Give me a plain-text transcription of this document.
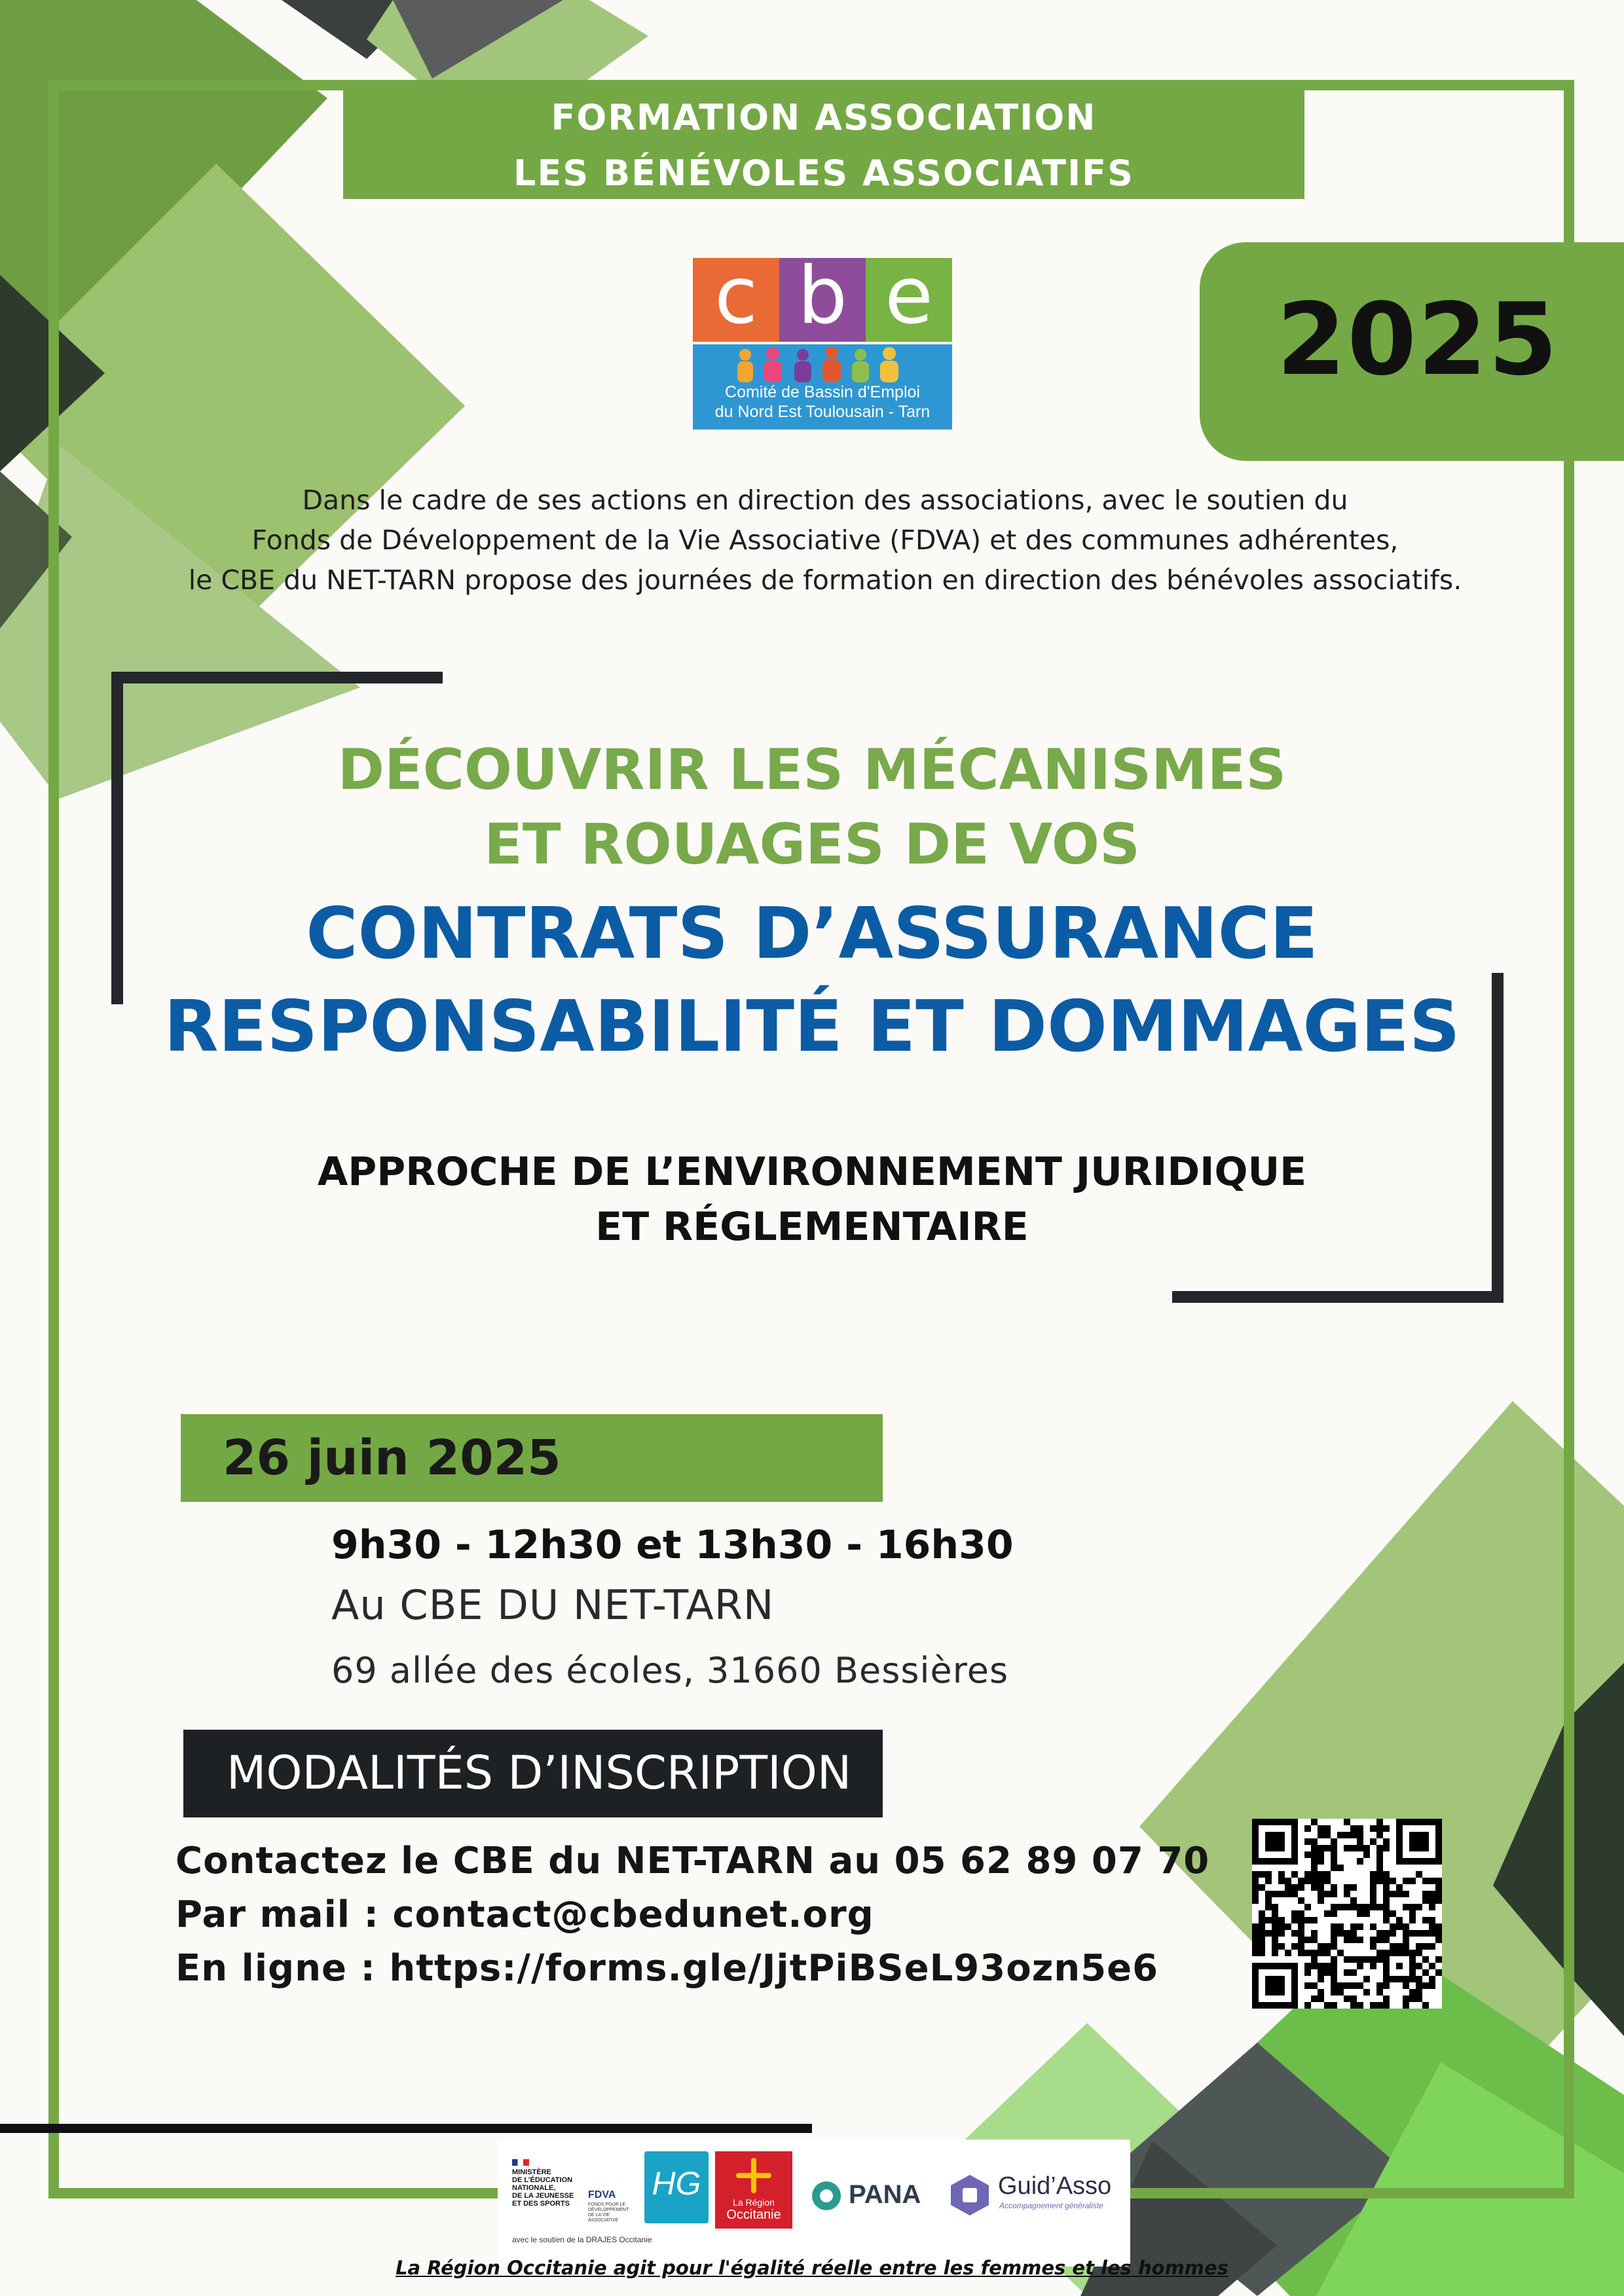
FORMATION ASSOCIATION
LES BÉNÉVOLES ASSOCIATIFS
2025
c b e
Comité de Bassin d'Emploi
du Nord Est Toulousain - Tarn
Dans le cadre de ses actions en direction des associations, avec le soutien du
Fonds de Développement de la Vie Associative (FDVA) et des communes adhérentes,
le CBE du NET-TARN propose des journées de formation en direction des bénévoles associatifs.
DÉCOUVRIR LES MÉCANISMES
ET ROUAGES DE VOS
CONTRATS D’ASSURANCE
RESPONSABILITÉ ET DOMMAGES
APPROCHE DE L’ENVIRONNEMENT JURIDIQUE
ET RÉGLEMENTAIRE
26 juin 2025
9h30 - 12h30 et 13h30 - 16h30
Au CBE DU NET-TARN
69 allée des écoles, 31660 Bessières
MODALITÉS D’INSCRIPTION
Contactez le CBE du NET-TARN au 05 62 89 07 70
Par mail : contact@cbedunet.org
En ligne : https://forms.gle/JjtPiBSeL93ozn5e6
MINISTÈRE
DE L’ÉDUCATION
NATIONALE,
DE LA JEUNESSE
ET DES SPORTS
FDVA
FONDS POUR LE DÉVELOPPEMENT DE LA VIE ASSOCIATIVE
avec le soutien de la DRAJES Occitanie
HG
La Région
Occitanie
PANA	Guid’Asso
Accompagnement généraliste
La Région Occitanie agit pour l'égalité réelle entre les femmes et les hommes
